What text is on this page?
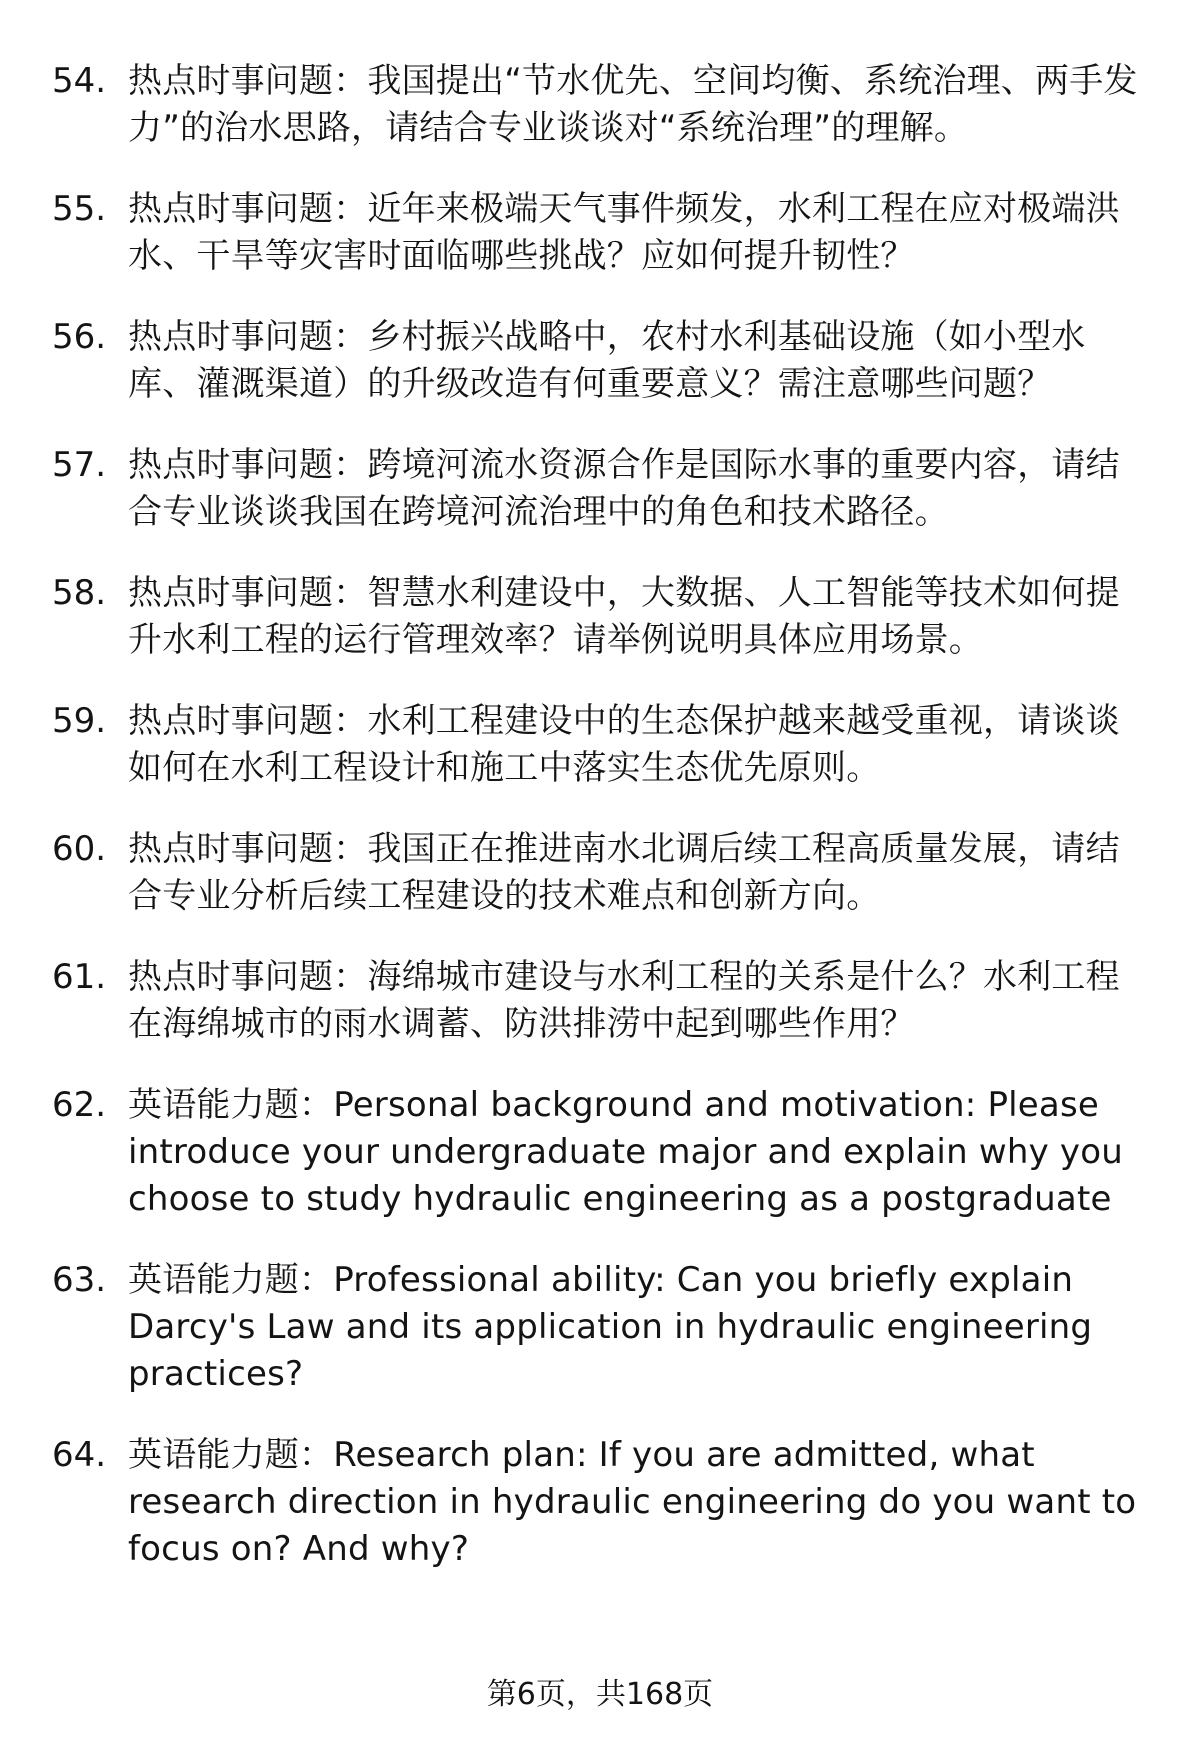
54. 热点时事问题：我国提出“节水优先、空间均衡、系统治理、两手发力”的治水思路，请结合专业谈谈对“系统治理”的理解。
55. 热点时事问题：近年来极端天气事件频发，水利工程在应对极端洪水、干旱等灾害时面临哪些挑战？应如何提升韧性？
56. 热点时事问题：乡村振兴战略中，农村水利基础设施（如小型水库、灌溉渠道）的升级改造有何重要意义？需注意哪些问题？
57. 热点时事问题：跨境河流水资源合作是国际水事的重要内容，请结合专业谈谈我国在跨境河流治理中的角色和技术路径。
58. 热点时事问题：智慧水利建设中，大数据、人工智能等技术如何提升水利工程的运行管理效率？请举例说明具体应用场景。
59. 热点时事问题：水利工程建设中的生态保护越来越受重视，请谈谈如何在水利工程设计和施工中落实生态优先原则。
60. 热点时事问题：我国正在推进南水北调后续工程高质量发展，请结合专业分析后续工程建设的技术难点和创新方向。
61. 热点时事问题：海绵城市建设与水利工程的关系是什么？水利工程在海绵城市的雨水调蓄、防洪排涝中起到哪些作用？
62. 英语能力题：Personal background and motivation: Please introduce your undergraduate major and explain why you choose to study hydraulic engineering as a postgraduate
63. 英语能力题：Professional ability: Can you briefly explain Darcy's Law and its application in hydraulic engineering practices?
64. 英语能力题：Research plan: If you are admitted, what research direction in hydraulic engineering do you want to focus on? And why?
第6页，共168页
